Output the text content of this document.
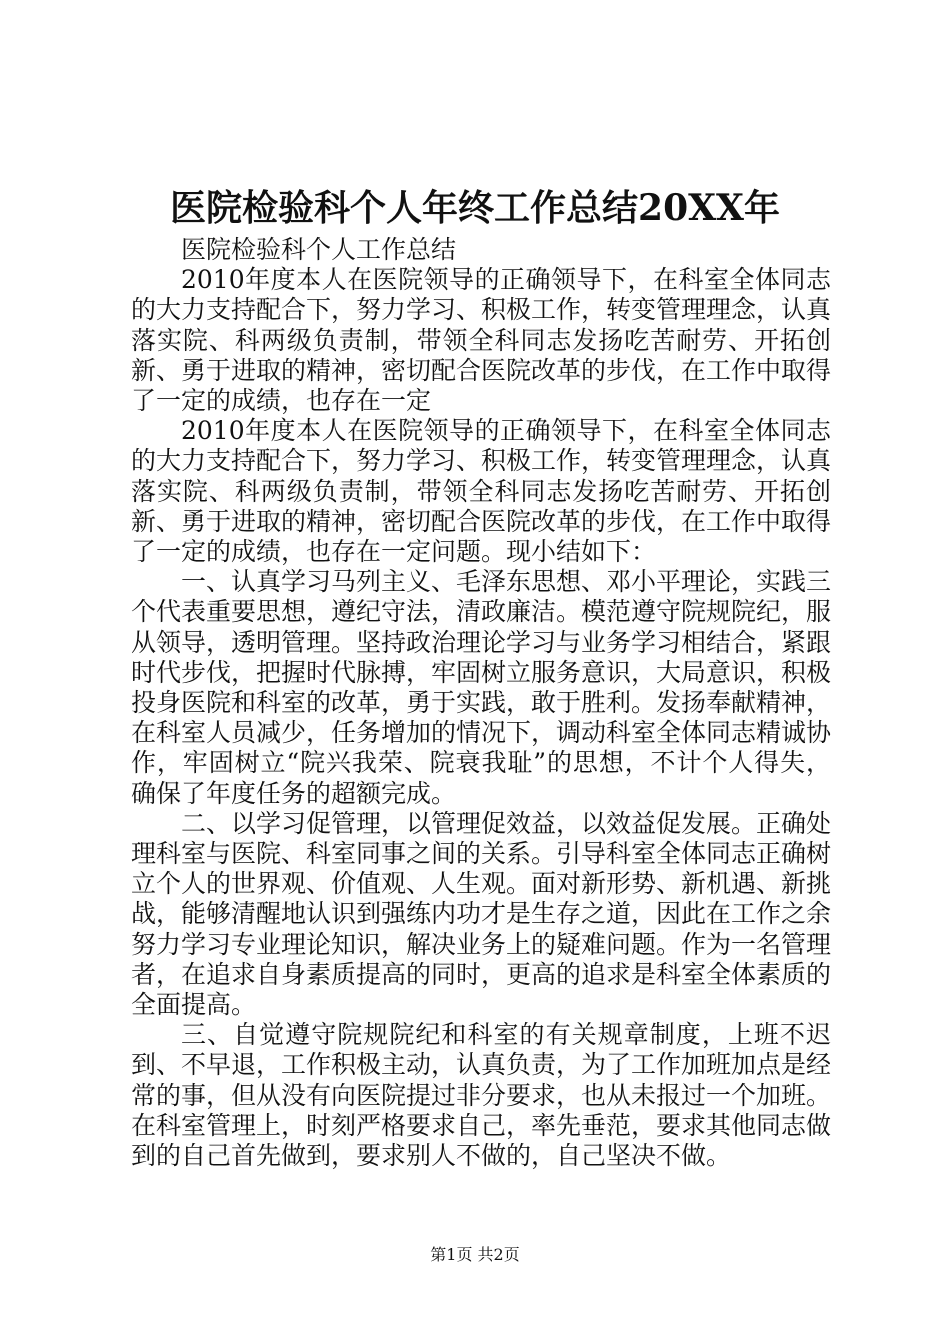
医院检验科个人年终工作总结20XX年

医院检验科个人工作总结

2010年度本人在医院领导的正确领导下，在科室全体同志的大力支持配合下，努力学习、积极工作，转变管理理念，认真落实院、科两级负责制，带领全科同志发扬吃苦耐劳、开拓创新、勇于进取的精神，密切配合医院改革的步伐，在工作中取得了一定的成绩，也存在一定

2010年度本人在医院领导的正确领导下，在科室全体同志的大力支持配合下，努力学习、积极工作，转变管理理念，认真落实院、科两级负责制，带领全科同志发扬吃苦耐劳、开拓创新、勇于进取的精神，密切配合医院改革的步伐，在工作中取得了一定的成绩，也存在一定问题。现小结如下：

一、认真学习马列主义、毛泽东思想、邓小平理论，实践三个代表重要思想，遵纪守法，清政廉洁。模范遵守院规院纪，服从领导，透明管理。坚持政治理论学习与业务学习相结合，紧跟时代步伐，把握时代脉搏，牢固树立服务意识，大局意识，积极投身医院和科室的改革，勇于实践，敢于胜利。发扬奉献精神，在科室人员减少，任务增加的情况下，调动科室全体同志精诚协作，牢固树立“院兴我荣、院衰我耻”的思想，不计个人得失，确保了年度任务的超额完成。

二、以学习促管理，以管理促效益，以效益促发展。正确处理科室与医院、科室同事之间的关系。引导科室全体同志正确树立个人的世界观、价值观、人生观。面对新形势、新机遇、新挑战，能够清醒地认识到强练内功才是生存之道，因此在工作之余努力学习专业理论知识，解决业务上的疑难问题。作为一名管理者，在追求自身素质提高的同时，更高的追求是科室全体素质的全面提高。

三、自觉遵守院规院纪和科室的有关规章制度，上班不迟到、不早退，工作积极主动，认真负责，为了工作加班加点是经常的事，但从没有向医院提过非分要求，也从未报过一个加班。在科室管理上，时刻严格要求自己，率先垂范，要求其他同志做到的自己首先做到，要求别人不做的，自己坚决不做。

第1页 共2页
